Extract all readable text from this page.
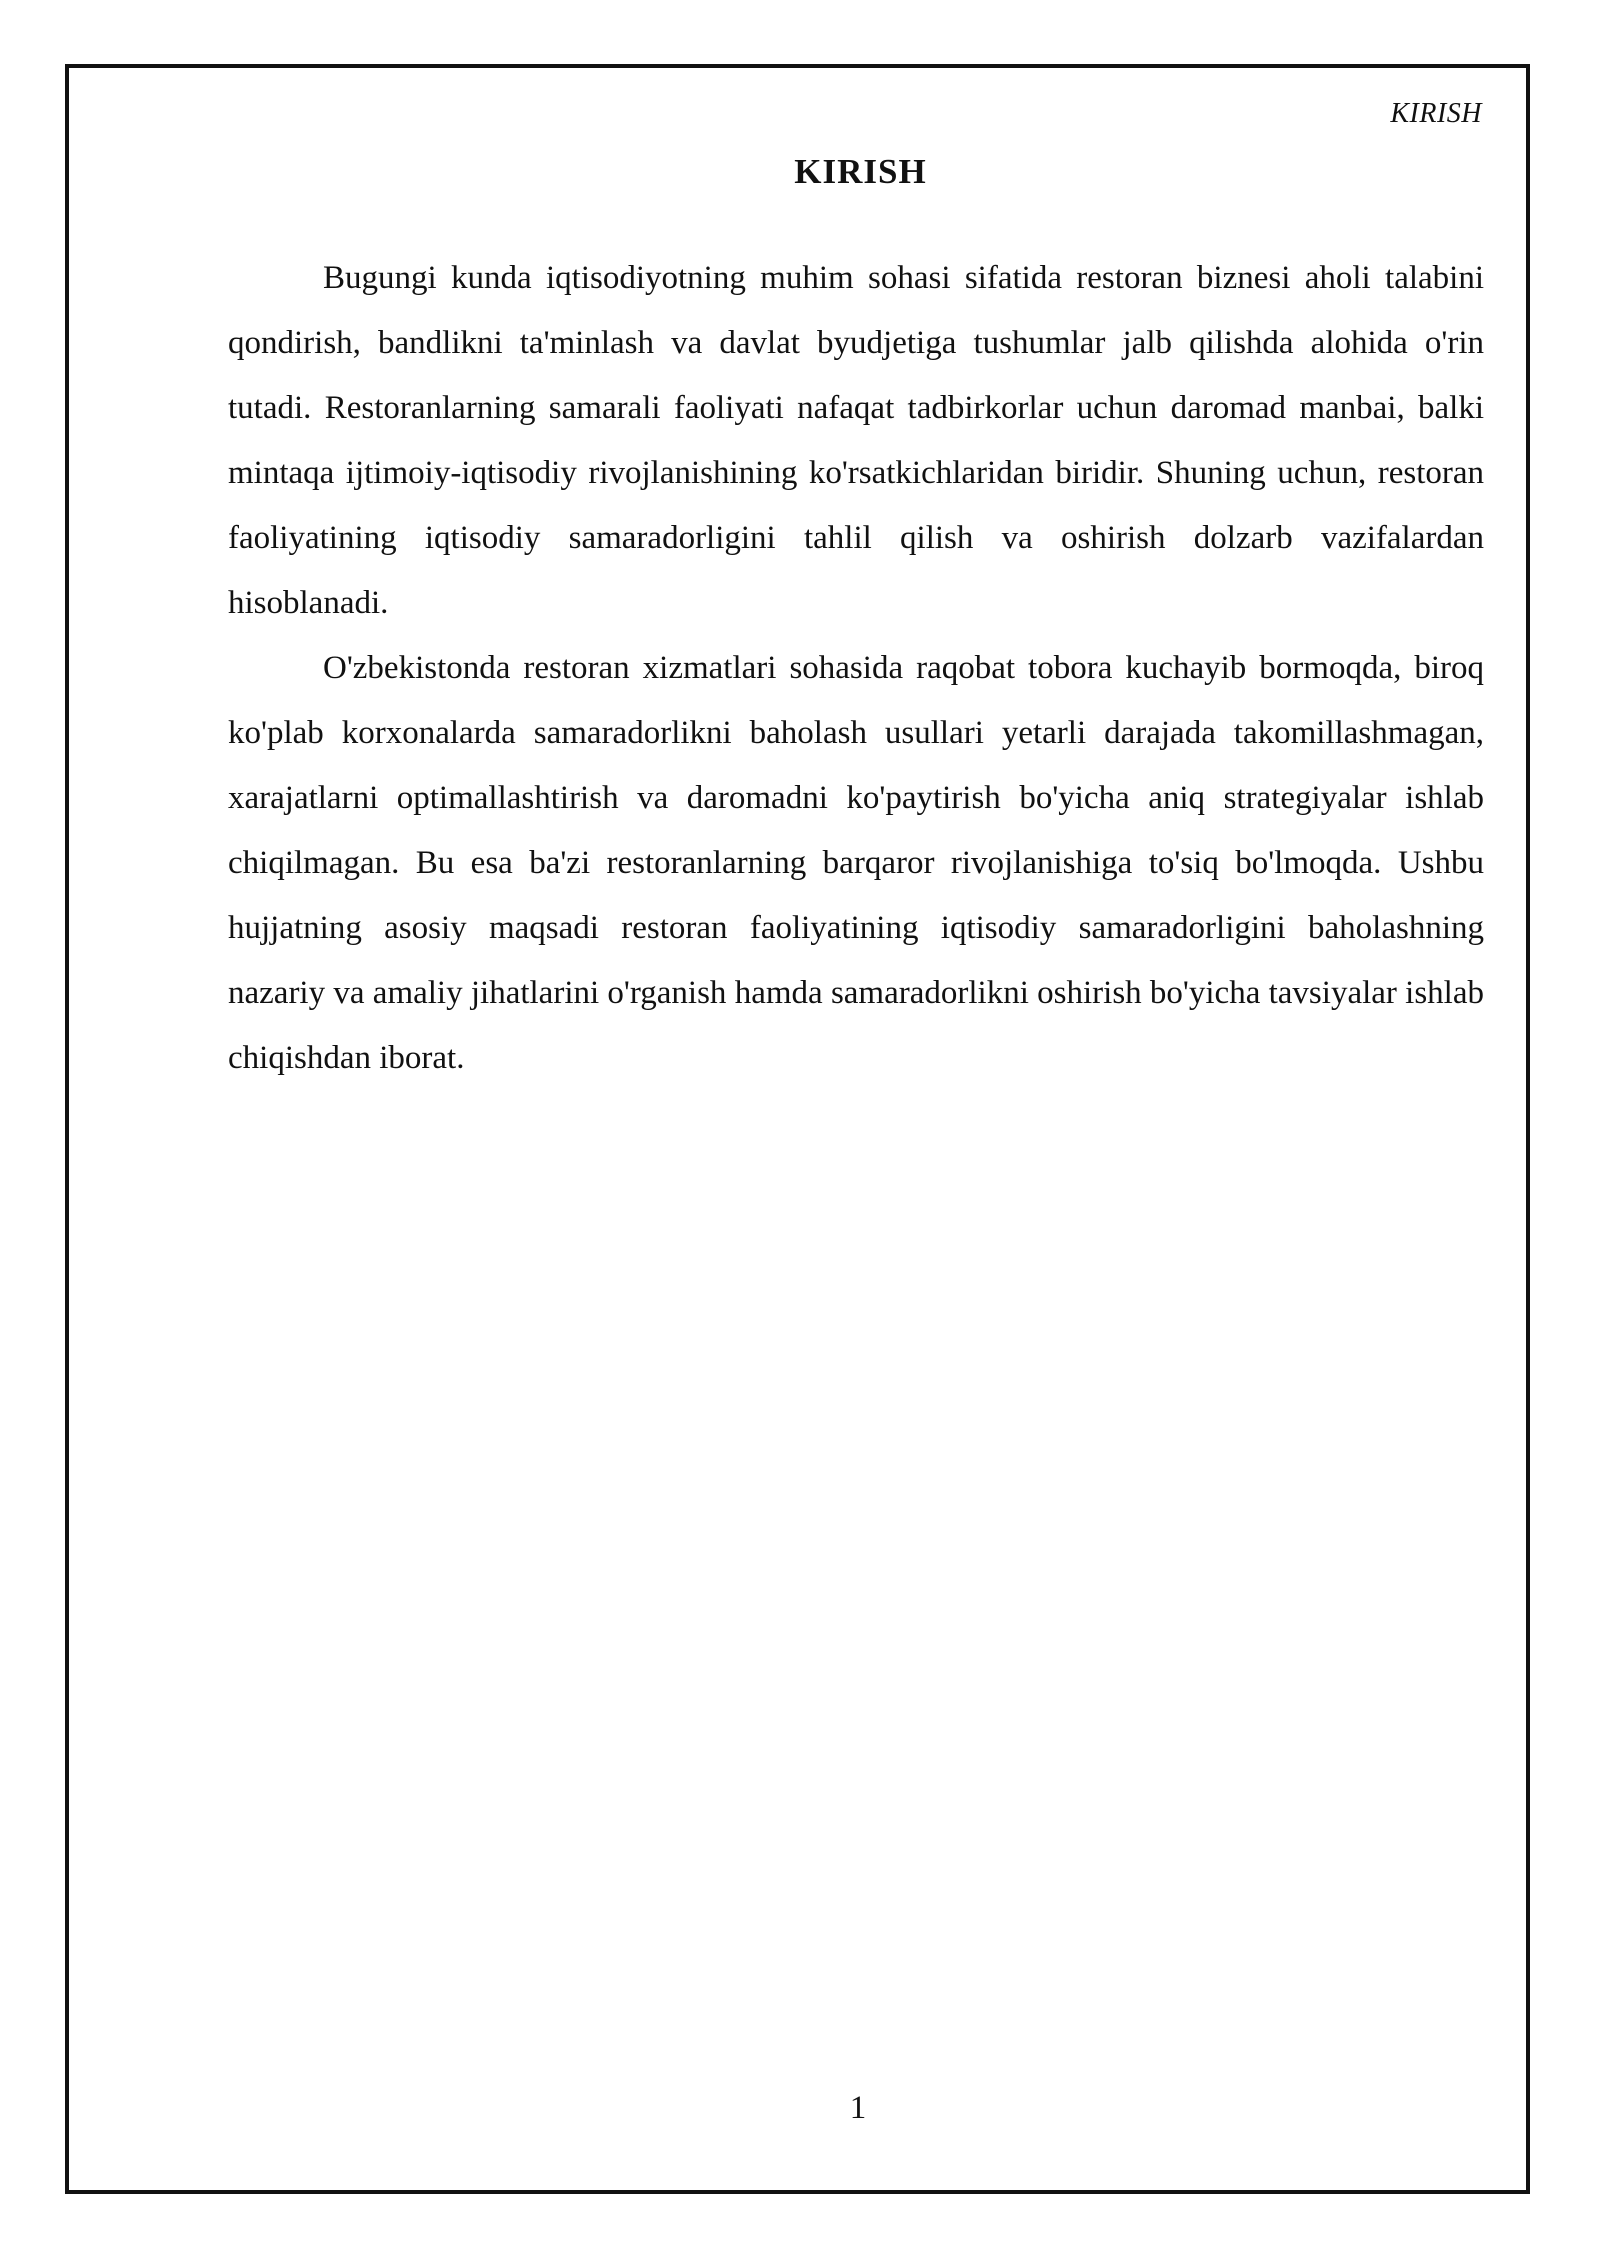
KIRISH
KIRISH

Bugungi kunda iqtisodiyotning muhim sohasi sifatida restoran biznesi aholi talabini qondirish, bandlikni ta'minlash va davlat byudjetiga tushumlar jalb qilishda alohida o'rin tutadi. Restoranlarning samarali faoliyati nafaqat tadbirkorlar uchun daromad manbai, balki mintaqa ijtimoiy-iqtisodiy rivojlanishining ko'rsatkichlaridan biridir. Shuning uchun, restoran faoliyatining iqtisodiy samaradorligini tahlil qilish va oshirish dolzarb vazifalardan hisoblanadi.

O'zbekistonda restoran xizmatlari sohasida raqobat tobora kuchayib bormoqda, biroq ko'plab korxonalarda samaradorlikni baholash usullari yetarli darajada takomillashmagan, xarajatlarni optimallashtirish va daromadni ko'paytirish bo'yicha aniq strategiyalar ishlab chiqilmagan. Bu esa ba'zi restoranlarning barqaror rivojlanishiga to'siq bo'lmoqda. Ushbu hujjatning asosiy maqsadi restoran faoliyatining iqtisodiy samaradorligini baholashning nazariy va amaliy jihatlarini o'rganish hamda samaradorlikni oshirish bo'yicha tavsiyalar ishlab chiqishdan iborat.

1
